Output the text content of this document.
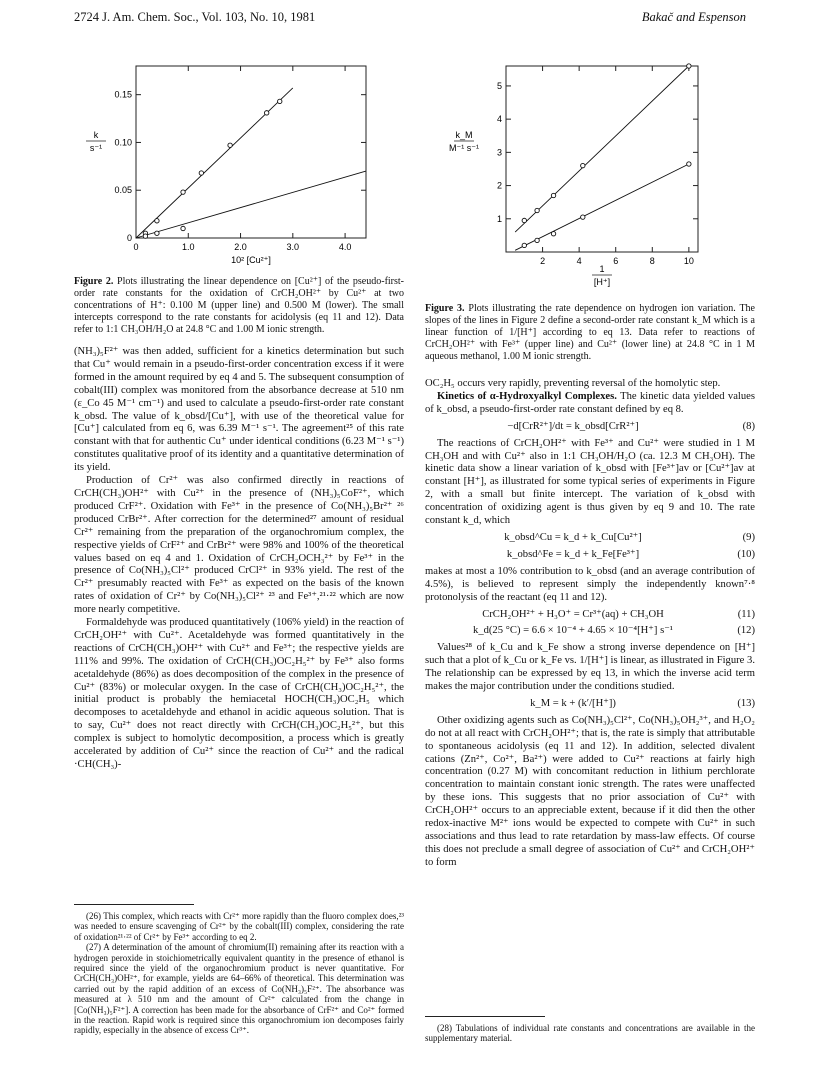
2724 J. Am. Chem. Soc., Vol. 103, No. 10, 1981	Bakač and Espenson
0	1.0	2.0	3.0	4.0
0
0.05
0.10
0.15
k
s⁻¹
10² [Cu²⁺]
Figure 2. Plots illustrating the linear dependence on [Cu²⁺] of the pseudo-first-order rate constants for the oxidation of CrCH₂OH²⁺ by Cu²⁺ at two concentrations of H⁺: 0.100 M (upper line) and 0.500 M (lower). The small intercepts correspond to the rate constants for acidolysis (eq 11 and 12). Data refer to 1:1 CH₃OH/H₂O at 24.8 °C and 1.00 M ionic strength.
2	4	6	8	10
1
2
3
4
5
k_M
M⁻¹ s⁻¹
1
[H⁺]
Figure 3. Plots illustrating the rate dependence on hydrogen ion variation. The slopes of the lines in Figure 2 define a second-order rate constant k_M which is a linear function of 1/[H⁺] according to eq 13. Data refer to reactions of CrCH₂OH²⁺ with Fe³⁺ (upper line) and Cu²⁺ (lower line) at 24.8 °C in 1 M aqueous methanol, 1.00 M ionic strength.

(NH₃)₅F²⁺ was then added, sufficient for a kinetics determination but such that Cu⁺ would remain in a pseudo-first-order concentration excess if it were formed in the amount required by eq 4 and 5. The subsequent consumption of cobalt(III) complex was monitored from the absorbance decrease at 510 nm (ε_Co 45 M⁻¹ cm⁻¹) and used to calculate a pseudo-first-order rate constant k_obsd. The value of k_obsd/[Cu⁺], with use of the theoretical value for [Cu⁺] calculated from eq 6, was 6.39 M⁻¹ s⁻¹. The agreement²⁵ of this rate constant with that for authentic Cu⁺ under identical conditions (6.23 M⁻¹ s⁻¹) constitutes qualitative proof of its identity and a quantitative determination of its yield.

Production of Cr²⁺ was also confirmed directly in reactions of CrCH(CH₃)OH²⁺ with Cu²⁺ in the presence of (NH₃)₅CoF²⁺, which produced CrF²⁺. Oxidation with Fe³⁺ in the presence of Co(NH₃)₅Br²⁺ ²⁶ produced CrBr²⁺. After correction for the determined²⁷ amount of residual Cr²⁺ remaining from the preparation of the organochromium complex, the respective yields of CrF²⁺ and CrBr²⁺ were 98% and 100% of the theoretical values based on eq 4 and 1. Oxidation of CrCH₂OCH₃²⁺ by Fe³⁺ in the presence of Co(NH₃)₅Cl²⁺ produced CrCl²⁺ in 93% yield. The rest of the Cr²⁺ presumably reacted with Fe³⁺ as expected on the basis of the known rates of oxidation of Cr²⁺ by Co(NH₃)₅Cl²⁺ ²³ and Fe³⁺,²¹·²² which are now more nearly competitive.

Formaldehyde was produced quantitatively (106% yield) in the reaction of CrCH₂OH²⁺ with Cu²⁺. Acetaldehyde was formed quantitatively in the reactions of CrCH(CH₃)OH²⁺ with Cu²⁺ and Fe³⁺; the respective yields are 111% and 99%. The oxidation of CrCH(CH₃)OC₂H₅²⁺ by Fe³⁺ also forms acetaldehyde (86%) as does decomposition of the complex in the presence of Cu²⁺ (83%) or molecular oxygen. In the case of CrCH(CH₃)OC₂H₅²⁺, the initial product is probably the hemiacetal HOCH(CH₃)OC₂H₅ which decomposes to acetaldehyde and ethanol in acidic aqueous solution. That is to say, Cu²⁺ does not react directly with CrCH(CH₃)OC₂H₅²⁺, but this complex is subject to homolytic decomposition, a process which is greatly accelerated by addition of Cu²⁺ since the reaction of Cu²⁺ and the radical ·CH(CH₃)-

(26) This complex, which reacts with Cr²⁺ more rapidly than the fluoro complex does,²³ was needed to ensure scavenging of Cr²⁺ by the cobalt(III) complex, considering the rate of oxidation²¹·²² of Cr²⁺ by Fe³⁺ according to eq 2.

(27) A determination of the amount of chromium(II) remaining after its reaction with a hydrogen peroxide in stoichiometrically equivalent quantity in the presence of ethanol is required since the yield of the organochromium product is never quantitative. For CrCH(CH₃)OH²⁺, for example, yields are 64–66% of theoretical. This determination was carried out by the rapid addition of an excess of Co(NH₃)₅F²⁺. The absorbance was measured at λ 510 nm and the amount of Cr²⁺ calculated from the change in [Co(NH₃)₅F²⁺]. A correction has been made for the absorbance of CrF²⁺ and Co²⁺ formed in the reaction. Rapid work is required since this organochromium ion decomposes fairly rapidly, especially in the absence of excess Cr³⁺.

OC₂H₅ occurs very rapidly, preventing reversal of the homolytic step.

Kinetics of α-Hydroxyalkyl Complexes. The kinetic data yielded values of k_obsd, a pseudo-first-order rate constant defined by eq 8.

−d[CrR²⁺]/dt = k_obsd[CrR²⁺]	(8)

The reactions of CrCH₂OH²⁺ with Fe³⁺ and Cu²⁺ were studied in 1 M CH₃OH and with Cu²⁺ also in 1:1 CH₃OH/H₂O (ca. 12.3 M CH₃OH). The kinetic data show a linear variation of k_obsd with [Fe³⁺]av or [Cu²⁺]av at constant [H⁺], as illustrated for some typical series of experiments in Figure 2, with a small but finite intercept. The variation of k_obsd with concentration of oxidizing agent is thus given by eq 9 and 10. The rate constant k_d, which

k_obsd^Cu = k_d + k_Cu[Cu²⁺]	(9)
k_obsd^Fe = k_d + k_Fe[Fe³⁺]	(10)

makes at most a 10% contribution to k_obsd (and an average contribution of 4.5%), is believed to represent simply the independently known⁷·⁸ protonolysis of the reactant (eq 11 and 12).

CrCH₂OH²⁺ + H₃O⁺ = Cr³⁺(aq) + CH₃OH	(11)
k_d(25 °C) = 6.6 × 10⁻⁴ + 4.65 × 10⁻⁴[H⁺] s⁻¹	(12)

Values²⁸ of k_Cu and k_Fe show a strong inverse dependence on [H⁺] such that a plot of k_Cu or k_Fe vs. 1/[H⁺] is linear, as illustrated in Figure 3. The relationship can be expressed by eq 13, in which the inverse acid term makes the major contribution under the conditions studied.

k_M = k + (k′/[H⁺])	(13)

Other oxidizing agents such as Co(NH₃)₅Cl²⁺, Co(NH₃)₅OH₂³⁺, and H₂O₂ do not at all react with CrCH₂OH²⁺; that is, the rate is simply that attributable to spontaneous acidolysis (eq 11 and 12). In addition, selected divalent cations (Zn²⁺, Co²⁺, Ba²⁺) were added to Cu²⁺ reactions at fairly high concentration (0.27 M) with concomitant reduction in lithium perchlorate concentration to maintain constant ionic strength. The rates were unaffected by these ions. This suggests that no prior association of Cu²⁺ with CrCH₂OH²⁺ occurs to an appreciable extent, because if it did then the other redox-inactive M²⁺ ions would be expected to compete with Cu²⁺ in such associations and thus lead to rate retardation by mass-law effects. Of course this does not preclude a small degree of association of Cu²⁺ and CrCH₂OH²⁺ to form

(28) Tabulations of individual rate constants and concentrations are available in the supplementary material.
